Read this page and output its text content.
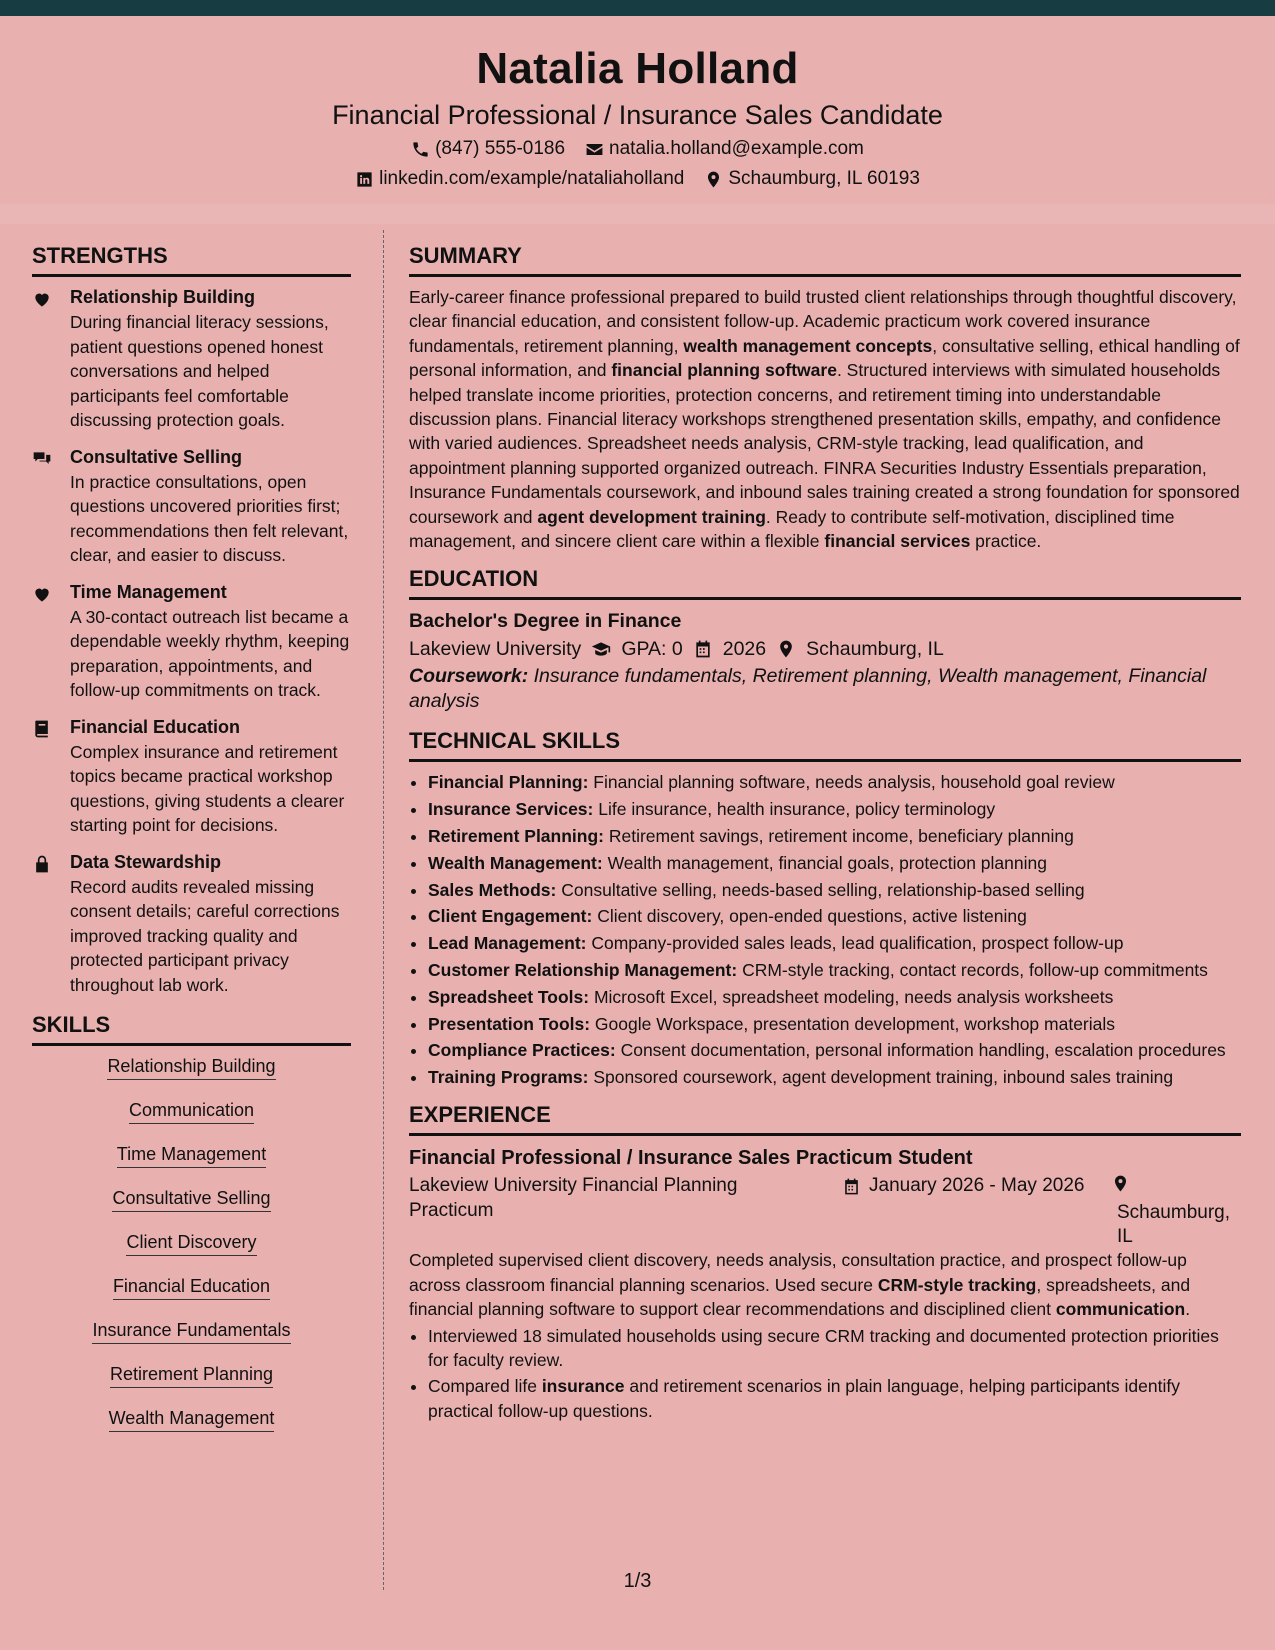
Natalia Holland
Financial Professional / Insurance Sales Candidate
(847) 555-0186 natalia.holland@example.com
linkedin.com/example/nataliaholland Schaumburg, IL 60193
STRENGTHS
Relationship Building
During financial literacy sessions, patient questions opened honest conversations and helped participants feel comfortable discussing protection goals.
Consultative Selling
In practice consultations, open questions uncovered priorities first; recommendations then felt relevant, clear, and easier to discuss.
Time Management
A 30-contact outreach list became a dependable weekly rhythm, keeping preparation, appointments, and follow-up commitments on track.
Financial Education
Complex insurance and retirement topics became practical workshop questions, giving students a clearer starting point for decisions.
Data Stewardship
Record audits revealed missing consent details; careful corrections improved tracking quality and protected participant privacy throughout lab work.
SKILLS
Relationship Building
Communication
Time Management
Consultative Selling
Client Discovery
Financial Education
Insurance Fundamentals
Retirement Planning
Wealth Management
SUMMARY
Early-career finance professional prepared to build trusted client relationships through thoughtful discovery, clear financial education, and consistent follow-up. Academic practicum work covered insurance fundamentals, retirement planning, wealth management concepts, consultative selling, ethical handling of personal information, and financial planning software. Structured interviews with simulated households helped translate income priorities, protection concerns, and retirement timing into understandable discussion plans. Financial literacy workshops strengthened presentation skills, empathy, and confidence with varied audiences. Spreadsheet needs analysis, CRM-style tracking, lead qualification, and appointment planning supported organized outreach. FINRA Securities Industry Essentials preparation, Insurance Fundamentals coursework, and inbound sales training created a strong foundation for sponsored coursework and agent development training. Ready to contribute self-motivation, disciplined time management, and sincere client care within a flexible financial services practice.
EDUCATION
Bachelor's Degree in Finance
Lakeview University GPA: 0 2026 Schaumburg, IL
Coursework: Insurance fundamentals, Retirement planning, Wealth management, Financial analysis
TECHNICAL SKILLS
• Financial Planning: Financial planning software, needs analysis, household goal review
• Insurance Services: Life insurance, health insurance, policy terminology
• Retirement Planning: Retirement savings, retirement income, beneficiary planning
• Wealth Management: Wealth management, financial goals, protection planning
• Sales Methods: Consultative selling, needs-based selling, relationship-based selling
• Client Engagement: Client discovery, open-ended questions, active listening
• Lead Management: Company-provided sales leads, lead qualification, prospect follow-up
• Customer Relationship Management: CRM-style tracking, contact records, follow-up commitments
• Spreadsheet Tools: Microsoft Excel, spreadsheet modeling, needs analysis worksheets
• Presentation Tools: Google Workspace, presentation development, workshop materials
• Compliance Practices: Consent documentation, personal information handling, escalation procedures
• Training Programs: Sponsored coursework, agent development training, inbound sales training
EXPERIENCE
Financial Professional / Insurance Sales Practicum Student
Lakeview University Financial Planning Practicum
January 2026 - May 2026
Schaumburg, IL
Completed supervised client discovery, needs analysis, consultation practice, and prospect follow-up across classroom financial planning scenarios. Used secure CRM-style tracking, spreadsheets, and financial planning software to support clear recommendations and disciplined client communication.
• Interviewed 18 simulated households using secure CRM tracking and documented protection priorities for faculty review.
• Compared life insurance and retirement scenarios in plain language, helping participants identify practical follow-up questions.
1/3
